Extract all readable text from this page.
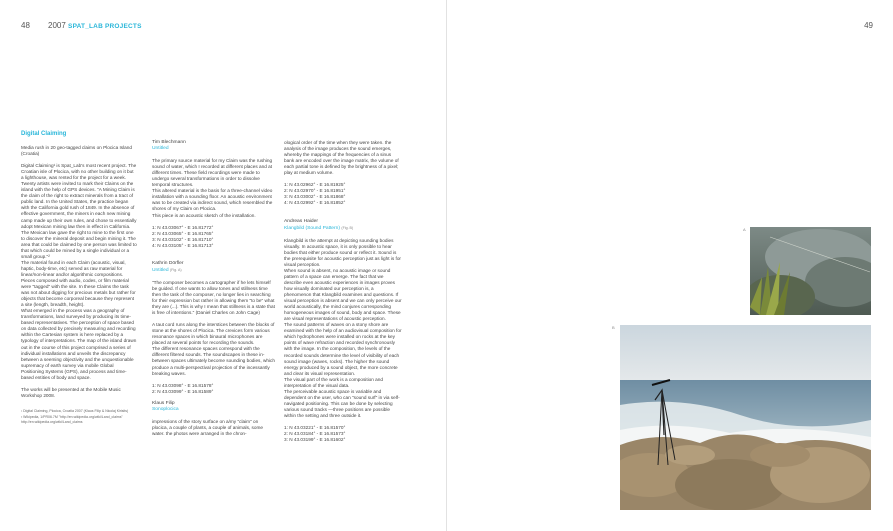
48 2007 SPAT_LAB PROJECTS	49
Digital Claiming

Media rush in 20 geo-tagged claims on Plocica Island (Croatia)

Digital Claiming¹ is Spat_Lab's most recent project. The Croatian isle of Plocica, with no other building on it but a lighthouse, was rented for the project for a week. Twenty artists were invited to mark their Claims on the island with the help of GPS devices. "A Mining Claim is the claim of the right to extract minerals from a tract of public land. In the United States, the practice began with the California gold rush of 1849. In the absence of effective government, the miners in each new mining camp made up their own rules, and chose to essentially adopt Mexican mining law then in effect in California. The Mexican law gave the right to mine to the first one to discover the mineral deposit and begin mining it. The area that could be claimed by one person was limited to that which could be mined by a single individual or a small group."²
The material found in each Claim (acoustic, visual, haptic, body-time, etc) served as raw material for linear/non-linear and/or algorithmic compositions. Pieces composed with audio, codes, or film material were "tagged" with the site. In these Claims the task was not about digging for precious metals but rather for objects that become corporeal because they represent a site (length, breadth, height).
What emerged in the process was a geography of transformations, land surveyed by producing its time-based representatives. The perception of space based on data collected by precisely measuring and recording within the Cartesian system is here replaced by a typology of interpretations. The map of the island drawn out in the course of this project comprised a series of individual installations and unveils the discrepancy between a seeming objectivity and the unquestionable supremacy of earth survey via mobile Global Positioning Systems (GPS), and process and time-based entities of body and space.

The works will be presented at the Mobile Music Workshop 2008.

¹ Digital Claiming, Plocica, Croatia 2007 (Klaus Filip & Nicolaj Kirisits)

² Wikipedia, 1/PR06.7M "http://en.wikipedia.org/wiki/Land_claims" http://en.wikipedia.org/wiki/Land_claims

Tim Blechmann
Untitled

The primary source material for my Claim was the rushing sound of water, which I recorded at different places and at different times. These field recordings were made to undergo several transformations in order to dissolve temporal structures.
This altered material is the basis for a three-channel video installation with a sounding floor. An acoustic environment was to be created via indirect sound, which resembled the shores of my Claim on Plocica.
This piece is an acoustic sketch of the installation.

1: N 43.03067° - E 16.81772°
2: N 43.03065° - E 16.81765°
3: N 43.03102° - E 16.81710°
4: N 43.03105° - E 16.81713°

Kathrin Dörfler
Untitled (Fig. A)

"The composer becomes a cartographer if he lets himself be guided. If one wants to allow tones and stillness time then the task of the composer, no longer lies in searching for their expression but rather in allowing them "to be" what they are (...). This is why I mean that stillness is a state that is free of intentions." (Daniel Charles on John Cage)

A taut cord runs along the interstices between the blocks of stone at the shores of Plocica. The crevices form various resonance spaces in which binaural microphones are placed at several points for recording the sounds.
The different resonance spaces correspond with the different filtered sounds. The soundscapes in these in-between spaces ultimately become sounding bodies, which produce a multi-perspectival projection of the incessantly breaking waves.

1: N 43.03098° - E 16.81578°
2: N 43.03099° - E 16.81589°

Klaus Filip
Sonoplocica

impressions of the story surface on a/my "claim" on plocica, a couple of plants, a couple of animals, some water. the photos were arranged in the chron-

ological order of the time when they were taken. the analysis of the image produces the sound emerges, whereby the mappings of the frequencies of a sinus bank are encoded over the image matrix, the volume of each partial tone is defined by the brightness of a pixel; play at medium volume.

1: N 43.02962° - E 16.81925°
2: N 43.02970° - E 16.81951°
3: N 43.03002° - E 16.81868°
4: N 43.02992° - E 16.81852°

Andreas Haider
Klangbild (Sound Pattern) (Fig. B)

Klangbild is the attempt at depicting sounding bodies visually. In acoustic space, it is only possible to hear bodies that either produce sound or reflect it. Sound is the prerequisite for acoustic perception just as light is for visual perception.
When sound is absent, no acoustic image or sound pattern of a space can emerge. The fact that we describe even acoustic experiences in images proves how visually dominated our perception is, a phenomenon that Klangbild examines and questions. If visual perception is absent and we can only perceive our world acoustically, the mind conjures corresponding homogeneous images of sound, body and space. These are visual representations of acoustic perception.
The sound patterns of waves on a stony shore are examined with the help of an audiovisual composition for which hydrophones were installed on rocks at the key points of wave refraction and recorded synchronously with the image. In the composition, the levels of the recorded sounds determine the level of visibility of each sound image (waves, rocks). The higher the sound energy produced by a sound object, the more concrete and clear its visual representation.
The visual part of the work is a composition and interpretation of the visual data.
The perceivable acoustic space is variable and dependent on the user, who can "sound surf" in via self-navigated positioning. This can be done by selecting various sound tracks —three positions are possible within the setting and three outside it.

1: N 43.03221° - E 16.81570°
2: N 43.03184° - E 16.81573°
3: N 43.03199° - E 16.81602°

A
B
